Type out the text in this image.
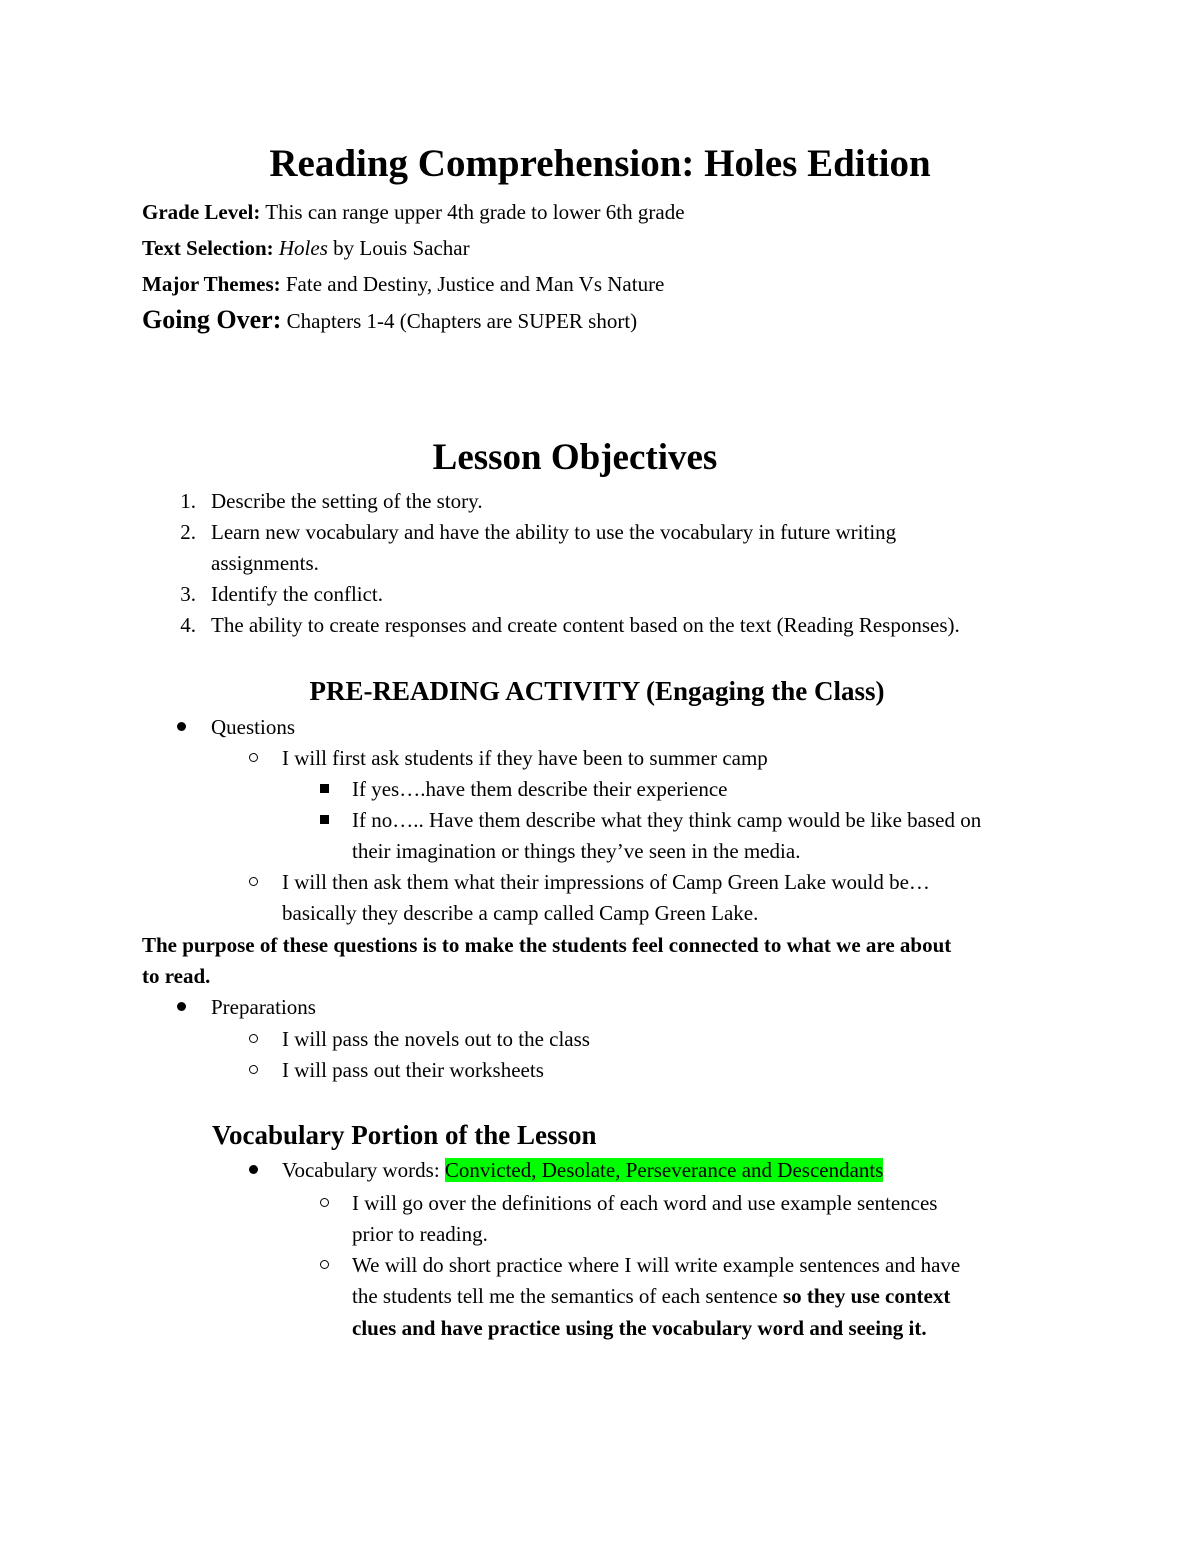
Reading Comprehension: Holes Edition
Grade Level: This can range upper 4th grade to lower 6th grade
Text Selection: Holes by Louis Sachar
Major Themes: Fate and Destiny, Justice and Man Vs Nature
Going Over: Chapters 1-4 (Chapters are SUPER short)
Lesson Objectives
1. Describe the setting of the story.
2. Learn new vocabulary and have the ability to use the vocabulary in future writing
assignments.
3. Identify the conflict.
4. The ability to create responses and create content based on the text (Reading Responses).
PRE-READING ACTIVITY (Engaging the Class)
Questions
I will first ask students if they have been to summer camp
If yes….have them describe their experience
If no….. Have them describe what they think camp would be like based on
their imagination or things they’ve seen in the media.
I will then ask them what their impressions of Camp Green Lake would be…
basically they describe a camp called Camp Green Lake.
The purpose of these questions is to make the students feel connected to what we are about
to read.
Preparations
I will pass the novels out to the class
I will pass out their worksheets
Vocabulary Portion of the Lesson
Vocabulary words: Convicted, Desolate, Perseverance and Descendants
I will go over the definitions of each word and use example sentences
prior to reading.
We will do short practice where I will write example sentences and have
the students tell me the semantics of each sentence so they use context
clues and have practice using the vocabulary word and seeing it.
